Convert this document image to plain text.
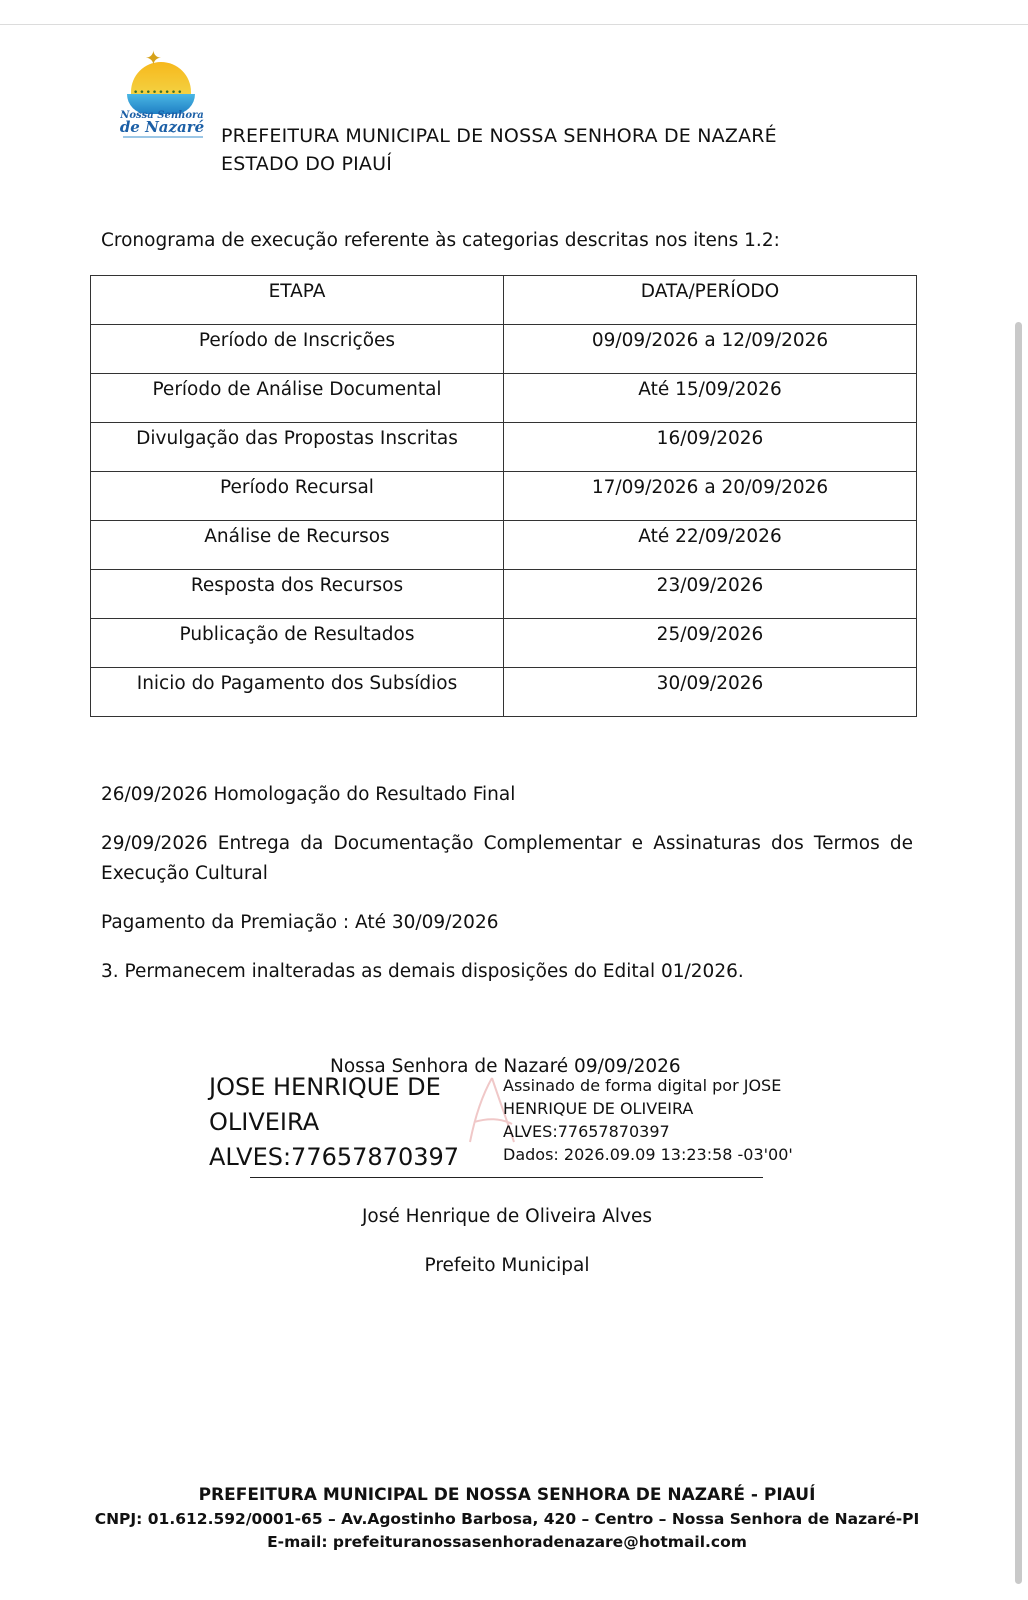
✦
••••••••
Nossa Senhora
de Nazaré PREFEITURA MUNICIPAL DE NOSSA SENHORA DE NAZARÉ
ESTADO DO PIAUÍ
Cronograma de execução referente às categorias descritas nos itens 1.2:
ETAPA	DATA/PERÍODO
Período de Inscrições	09/09/2026 a 12/09/2026
Período de Análise Documental	Até 15/09/2026
Divulgação das Propostas Inscritas	16/09/2026
Período Recursal	17/09/2026 a 20/09/2026
Análise de Recursos	Até 22/09/2026
Resposta dos Recursos	23/09/2026
Publicação de Resultados	25/09/2026
Inicio do Pagamento dos Subsídios	30/09/2026
26/09/2026 Homologação do Resultado Final
29/09/2026 Entrega da Documentação Complementar e Assinaturas dos Termos de Execução Cultural
Pagamento da Premiação : Até 30/09/2026
3. Permanecem inalteradas as demais disposições do Edital 01/2026.
Nossa Senhora de Nazaré 09/09/2026
JOSE HENRIQUE DE
OLIVEIRA
ALVES:77657870397
Assinado de forma digital por JOSE
HENRIQUE DE OLIVEIRA
ALVES:77657870397
Dados: 2026.09.09 13:23:58 -03'00'
José Henrique de Oliveira Alves
Prefeito Municipal
PREFEITURA MUNICIPAL DE NOSSA SENHORA DE NAZARÉ - PIAUÍ
CNPJ: 01.612.592/0001-65 – Av.Agostinho Barbosa, 420 – Centro – Nossa Senhora de Nazaré-PI
E-mail: prefeituranossasenhoradenazare@hotmail.com
